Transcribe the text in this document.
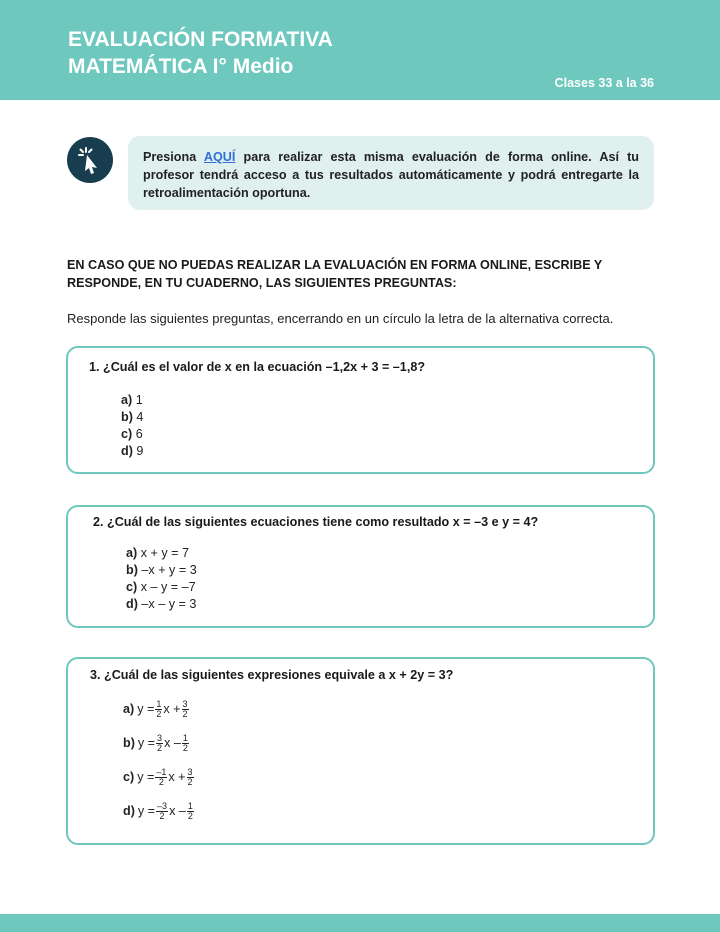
EVALUACIÓN FORMATIVA
MATEMÁTICA I° Medio
Clases 33 a la 36

Presiona AQUÍ para realizar esta misma evaluación de forma online. Así tu profesor tendrá acceso a tus resultados automáticamente y podrá entregarte la retroalimentación oportuna.

EN CASO QUE NO PUEDAS REALIZAR LA EVALUACIÓN EN FORMA ONLINE, ESCRIBE Y RESPONDE, EN TU CUADERNO, LAS SIGUIENTES PREGUNTAS:
Responde las siguientes preguntas, encerrando en un círculo la letra de la alternativa correcta.
1. ¿Cuál es el valor de x en la ecuación –1,2x + 3 = –1,8?
a) 1
b) 4
c) 6
d) 9
2. ¿Cuál de las siguientes ecuaciones tiene como resultado x = –3 e y = 4?
a) x + y = 7
b) –x + y = 3
c) x – y = –7
d) –x – y = 3
3. ¿Cuál de las siguientes expresiones equivale a x + 2y = 3?
a) $y = \frac{1}{2}$ $x + \frac{3}{2}$
b) $y = \frac{3}{2}$ x – $\frac{1}{2}$
c) $y = \frac{-1}{2}$ $x + \frac{3}{2}$
d) $y = \frac{-3}{2}$ x – $\frac{1}{2}$
